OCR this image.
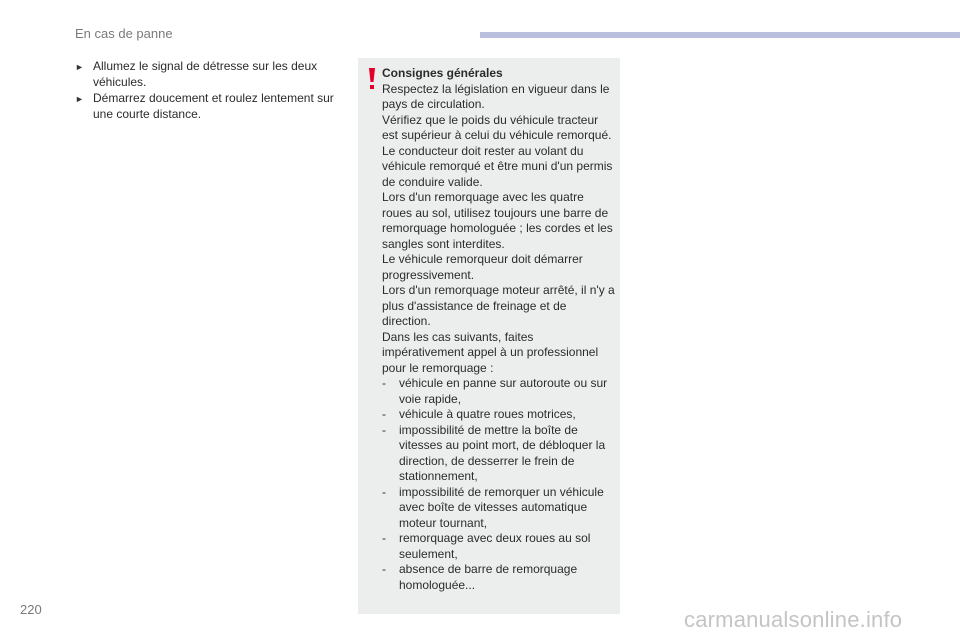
En cas de panne
► Allumez le signal de détresse sur les deux véhicules.
► Démarrez doucement et roulez lentement sur une courte distance.
Consignes générales
Respectez la législation en vigueur dans le pays de circulation.
Vérifiez que le poids du véhicule tracteur est supérieur à celui du véhicule remorqué.
Le conducteur doit rester au volant du véhicule remorqué et être muni d'un permis de conduire valide.
Lors d'un remorquage avec les quatre roues au sol, utilisez toujours une barre de remorquage homologuée ; les cordes et les sangles sont interdites.
Le véhicule remorqueur doit démarrer progressivement.
Lors d'un remorquage moteur arrêté, il n'y a plus d'assistance de freinage et de direction.
Dans les cas suivants, faites impérativement appel à un professionnel pour le remorquage :
-	véhicule en panne sur autoroute ou sur voie rapide,
-	véhicule à quatre roues motrices,
-	impossibilité de mettre la boîte de vitesses au point mort, de débloquer la direction, de desserrer le frein de stationnement,
-	impossibilité de remorquer un véhicule avec boîte de vitesses automatique moteur tournant,
-	remorquage avec deux roues au sol seulement,
-	absence de barre de remorquage homologuée...
220	carmanualsonline.info
